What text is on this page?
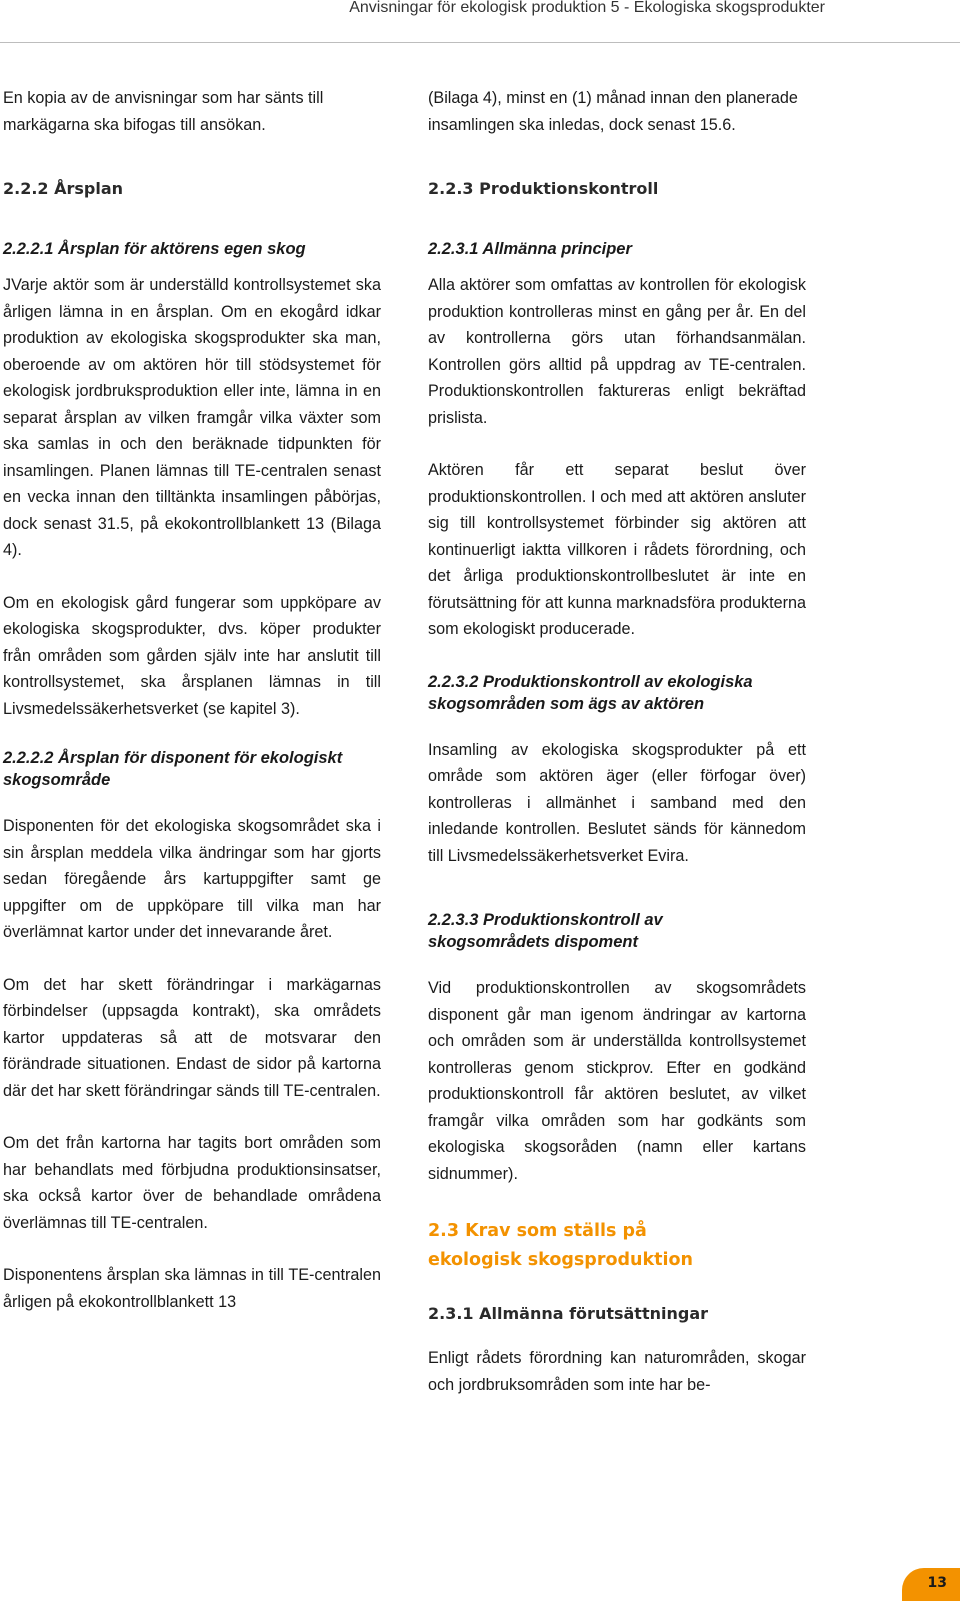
Anvisningar för ekologisk produktion 5 - Ekologiska skogsprodukter

En kopia av de anvisningar som har sänts till markägarna ska bifogas till ansökan.

2.2.2 Årsplan
2.2.2.1 Årsplan för aktörens egen skog

JVarje aktör som är underställd kontrollsystemet ska årligen lämna in en årsplan. Om en ekogård idkar produktion av ekologiska skogsprodukter ska man, oberoende av om aktören hör till stödsystemet för ekologisk jordbruksproduktion eller inte, lämna in en separat årsplan av vilken framgår vilka växter som ska samlas in och den beräknade tidpunkten för insamlingen. Planen lämnas till TE-centralen senast en vecka innan den tilltänkta insamlingen påbörjas, dock senast 31.5, på ekokontrollblankett 13 (Bilaga 4).

Om en ekologisk gård fungerar som uppköpare av ekologiska skogsprodukter, dvs. köper produkter från områden som gården själv inte har anslutit till kontrollsystemet, ska årsplanen lämnas in till Livsmedelssäkerhetsverket (se kapitel 3).

2.2.2.2 Årsplan för disponent för ekologiskt skogsområde

Disponenten för det ekologiska skogsområdet ska i sin årsplan meddela vilka ändringar som har gjorts sedan föregående års kartuppgifter samt ge uppgifter om de uppköpare till vilka man har överlämnat kartor under det innevarande året.

Om det har skett förändringar i markägarnas förbindelser (uppsagda kontrakt), ska områdets kartor uppdateras så att de motsvarar den förändrade situationen. Endast de sidor på kartorna där det har skett förändringar sänds till TE-centralen.

Om det från kartorna har tagits bort områden som har behandlats med förbjudna produktionsinsatser, ska också kartor över de behandlade områdena överlämnas till TE-centralen.

Disponentens årsplan ska lämnas in till TE-centralen årligen på ekokontrollblankett 13

(Bilaga 4), minst en (1) månad innan den planerade insamlingen ska inledas, dock senast 15.6.

2.2.3 Produktionskontroll
2.2.3.1 Allmänna principer

Alla aktörer som omfattas av kontrollen för ekologisk produktion kontrolleras minst en gång per år. En del av kontrollerna görs utan förhandsanmälan. Kontrollen görs alltid på uppdrag av TE-centralen. Produktionskontrollen faktureras enligt bekräftad prislista.

Aktören får ett separat beslut över produktionskontrollen. I och med att aktören ansluter sig till kontrollsystemet förbinder sig aktören att kontinuerligt iaktta villkoren i rådets förordning, och det årliga produktionskontrollbeslutet är inte en förutsättning för att kunna marknadsföra produkterna som ekologiskt producerade.

2.2.3.2 Produktionskontroll av ekologiska skogsområden som ägs av aktören

Insamling av ekologiska skogsprodukter på ett område som aktören äger (eller förfogar över) kontrolleras i allmänhet i samband med den inledande kontrollen. Beslutet sänds för kännedom till Livsmedelssäkerhetsverket Evira.

2.2.3.3 Produktionskontroll av skogsområdets dispoment

Vid produktionskontrollen av skogsområdets disponent går man igenom ändringar av kartorna och områden som är underställda kontrollsystemet kontrolleras genom stickprov. Efter en godkänd produktionskontroll får aktören beslutet, av vilket framgår vilka områden som har godkänts som ekologiska skogsoråden (namn eller kartans sidnummer).

2.3 Krav som ställs på ekologisk skogsproduktion
2.3.1 Allmänna förutsättningar

Enligt rådets förordning kan naturområden, skogar och jordbruksområden som inte har be-

13
